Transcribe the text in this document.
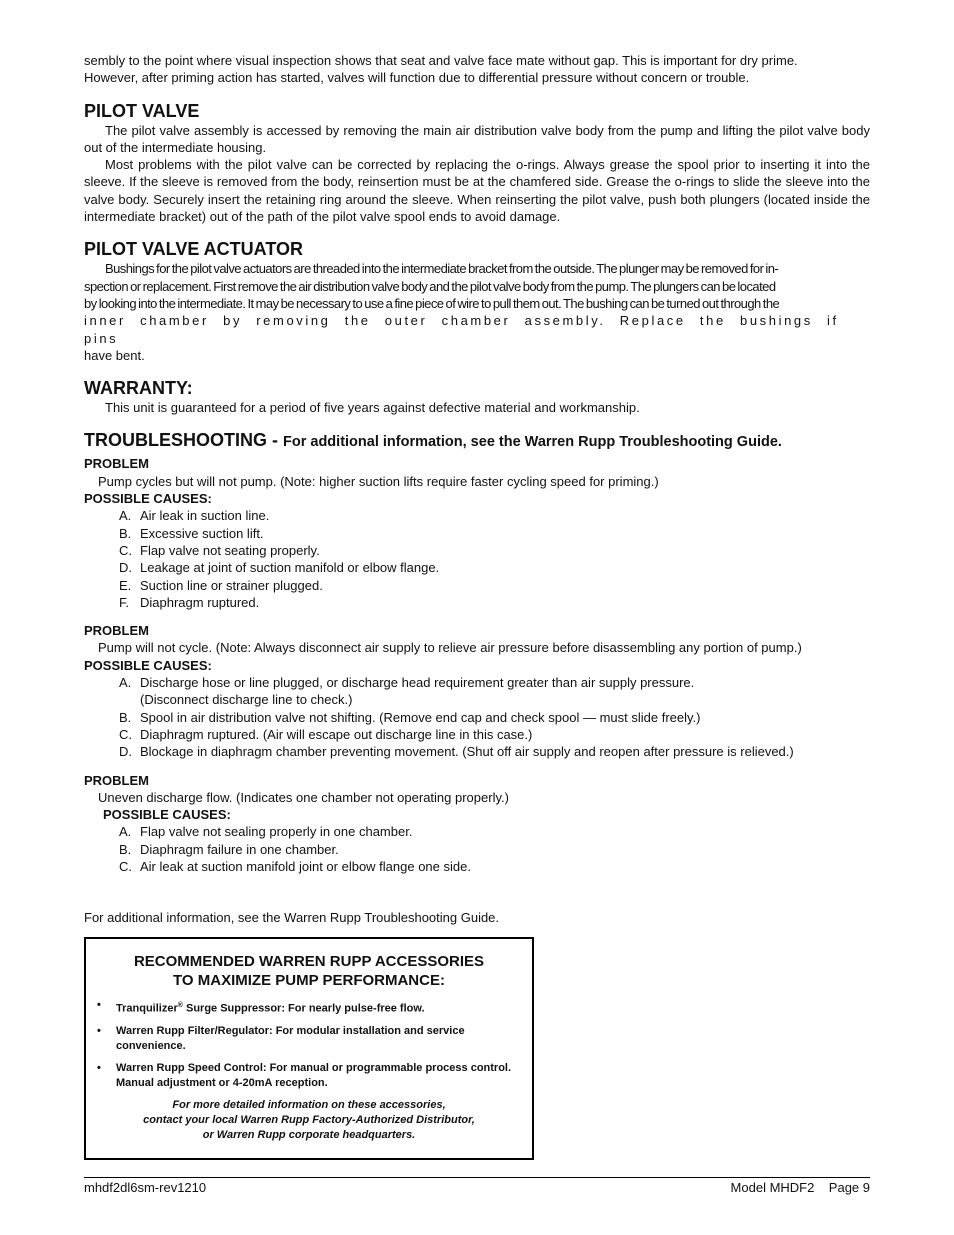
sembly to the point where visual inspection shows that seat and valve face mate without gap. This is important for dry prime.
However, after priming action has started, valves will function due to differential pressure without concern or trouble.

PILOT VALVE

The pilot valve assembly is accessed by removing the main air distribution valve body from the pump and lifting the pilot valve body out of the intermediate housing.

Most problems with the pilot valve can be corrected by replacing the o-rings. Always grease the spool prior to inserting it into the sleeve. If the sleeve is removed from the body, reinsertion must be at the chamfered side. Grease the o-rings to slide the sleeve into the valve body. Securely insert the retaining ring around the sleeve. When reinserting the pilot valve, push both plungers (located inside the intermediate bracket) out of the path of the pilot valve spool ends to avoid damage.

PILOT VALVE ACTUATOR

Bushings for the pilot valve actuators are threaded into the intermediate bracket from the outside. The plunger may be removed for in-

spection or replacement. First remove the air distribution valve body and the pilot valve body from the pump. The plungers can be located

by looking into the intermediate. It may be necessary to use a fine piece of wire to pull them out. The bushing can be turned out through the

inner chamber by removing the outer chamber assembly. Replace the bushings if pins

have bent.

WARRANTY:

This unit is guaranteed for a period of five years against defective material and workmanship.

TROUBLESHOOTING - For additional information, see the Warren Rupp Troubleshooting Guide.
PROBLEM
Pump cycles but will not pump. (Note: higher suction lifts require faster cycling speed for priming.)
POSSIBLE CAUSES:
A. Air leak in suction line.
B. Excessive suction lift.
C. Flap valve not seating properly.
D. Leakage at joint of suction manifold or elbow flange.
E. Suction line or strainer plugged.
F. Diaphragm ruptured.
PROBLEM
Pump will not cycle. (Note: Always disconnect air supply to relieve air pressure before disassembling any portion of pump.)
POSSIBLE CAUSES:
A. Discharge hose or line plugged, or discharge head requirement greater than air supply pressure.
(Disconnect discharge line to check.)
B. Spool in air distribution valve not shifting. (Remove end cap and check spool — must slide freely.)
C. Diaphragm ruptured. (Air will escape out discharge line in this case.)
D. Blockage in diaphragm chamber preventing movement. (Shut off air supply and reopen after pressure is relieved.)
PROBLEM
Uneven discharge flow. (Indicates one chamber not operating properly.)
POSSIBLE CAUSES:
A. Flap valve not sealing properly in one chamber.
B. Diaphragm failure in one chamber.
C. Air leak at suction manifold joint or elbow flange one side.
For additional information, see the Warren Rupp Troubleshooting Guide.
RECOMMENDED WARREN RUPP ACCESSORIES
TO MAXIMIZE PUMP PERFORMANCE:
• Tranquilizer® Surge Suppressor: For nearly pulse-free flow.
• Warren Rupp Filter/Regulator: For modular installation and service convenience.
• Warren Rupp Speed Control: For manual or programmable process control. Manual adjustment or 4-20mA reception.
For more detailed information on these accessories,
contact your local Warren Rupp Factory-Authorized Distributor,
or Warren Rupp corporate headquarters.
mhdf2dl6sm-rev1210	Model MHDF2    Page 9
